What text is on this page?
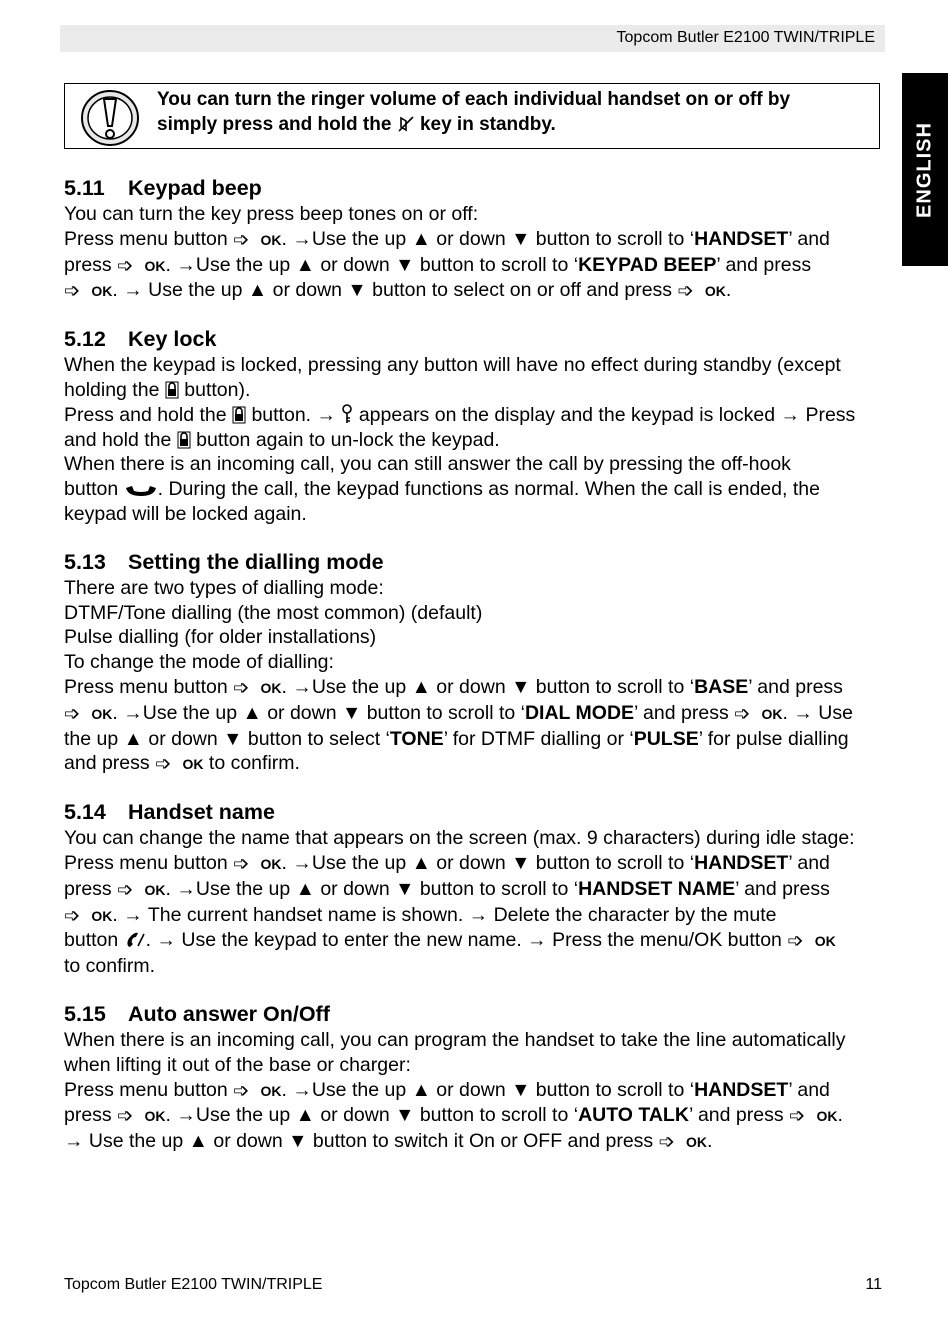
Topcom Butler E2100 TWIN/TRIPLE
ENGLISH
You can turn the ringer volume of each individual handset on or off by
simply press and hold the key in standby.
5.11 Keypad beep
You can turn the key press beep tones on or off:
Press menu button ➩ OK. →Use the up ▲ or down ▼ button to scroll to ‘HANDSET’ and
press ➩ OK. →Use the up ▲ or down ▼ button to scroll to ‘KEYPAD BEEP’ and press
➩ OK. → Use the up ▲ or down ▼ button to select on or off and press ➩ OK.
5.12 Key lock
When the keypad is locked, pressing any button will have no effect during standby (except
holding the  button).
Press and hold the  button. →  appears on the display and the keypad is locked → Press
and hold the  button again to un-lock the keypad.
When there is an incoming call, you can still answer the call by pressing the off-hook
button . During the call, the keypad functions as normal. When the call is ended, the
keypad will be locked again.
5.13 Setting the dialling mode
There are two types of dialling mode:
DTMF/Tone dialling (the most common) (default)
Pulse dialling (for older installations)
To change the mode of dialling:
Press menu button ➩ OK. →Use the up ▲ or down ▼ button to scroll to ‘BASE’ and press
➩ OK. →Use the up ▲ or down ▼ button to scroll to ‘DIAL MODE’ and press ➩ OK. → Use
the up ▲ or down ▼ button to select ‘TONE’ for DTMF dialling or ‘PULSE’ for pulse dialling
and press ➩ OK to confirm.
5.14 Handset name
You can change the name that appears on the screen (max. 9 characters) during idle stage:
Press menu button ➩ OK. →Use the up ▲ or down ▼ button to scroll to ‘HANDSET’ and
press ➩ OK. →Use the up ▲ or down ▼ button to scroll to ‘HANDSET NAME’ and press
➩ OK. → The current handset name is shown. → Delete the character by the mute
button . → Use the keypad to enter the new name. → Press the menu/OK button ➩ OK
to confirm.
5.15 Auto answer On/Off
When there is an incoming call, you can program the handset to take the line automatically
when lifting it out of the base or charger:
Press menu button ➩ OK. →Use the up ▲ or down ▼ button to scroll to ‘HANDSET’ and
press ➩ OK. →Use the up ▲ or down ▼ button to scroll to ‘AUTO TALK’ and press ➩ OK.
→ Use the up ▲ or down ▼ button to switch it On or OFF and press ➩ OK.
Topcom Butler E2100 TWIN/TRIPLE	11
